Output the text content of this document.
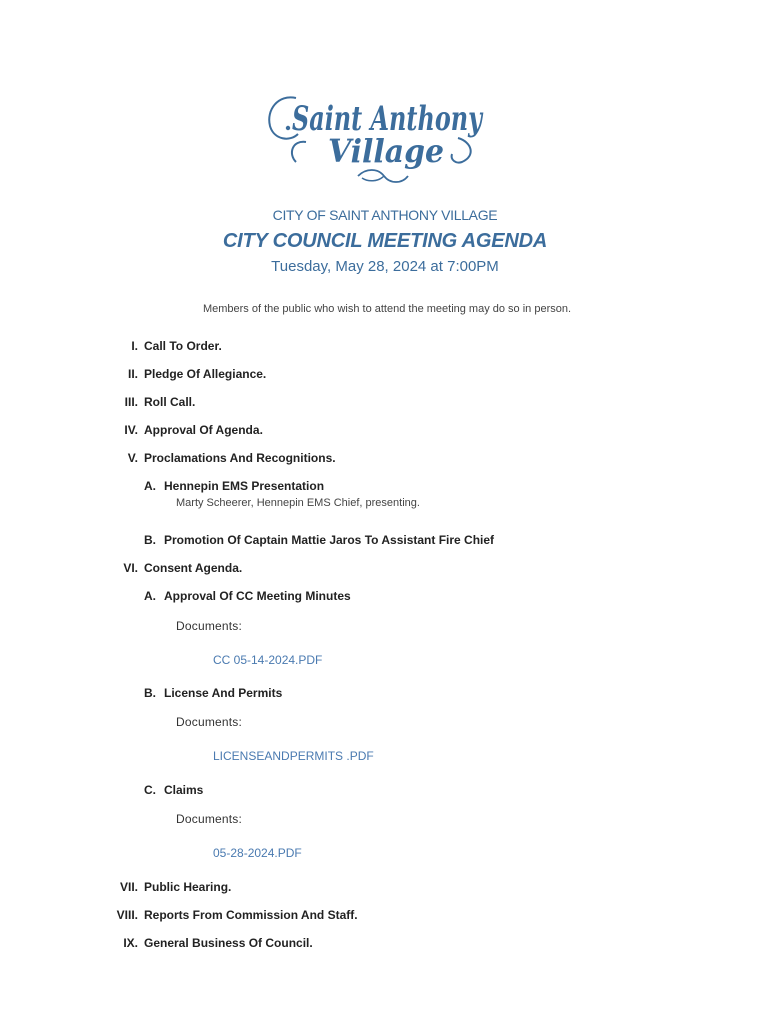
Saint Anthony
Village
CITY OF SAINT ANTHONY VILLAGE
CITY COUNCIL MEETING AGENDA
Tuesday, May 28, 2024 at 7:00PM
Members of the public who wish to attend the meeting may do so in person.
I. Call To Order.
II. Pledge Of Allegiance.
III. Roll Call.
IV. Approval Of Agenda.
V. Proclamations And Recognitions.
A. Hennepin EMS Presentation
Marty Scheerer, Hennepin EMS Chief, presenting.
B. Promotion Of Captain Mattie Jaros To Assistant Fire Chief
VI. Consent Agenda.
A. Approval Of CC Meeting Minutes
Documents:
CC 05-14-2024.PDF
B. License And Permits
Documents:
LICENSEANDPERMITS .PDF
C. Claims
Documents:
05-28-2024.PDF
VII. Public Hearing.
VIII. Reports From Commission And Staff.
IX. General Business Of Council.
